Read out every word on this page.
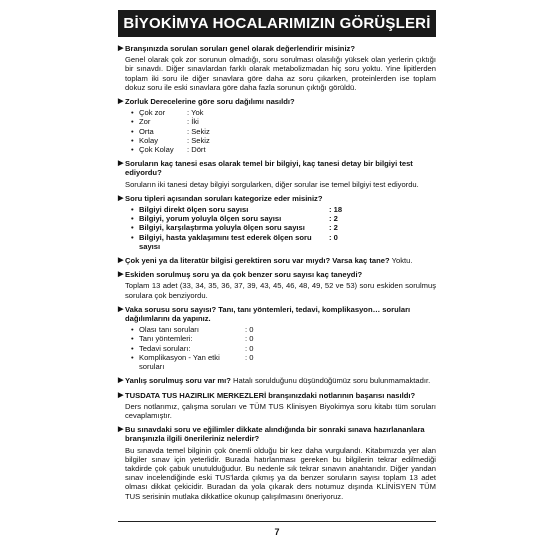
BİYOKİMYA HOCALARIMIZIN GÖRÜŞLERİ

▶ Branşınızda sorulan soruları genel olarak değerlendirir misiniz?

Genel olarak çok zor sorunun olmadığı, soru sorulması olasılığı yüksek olan yerlerin çıktığı bir sınavdı. Diğer sınavlardan farklı olarak metabolizmadan hiç soru yoktu. Yine lipitlerden toplam iki soru ile diğer sınavlara göre daha az soru çıkarken, proteinlerden ise toplam dokuz soru ile eski sınavlara göre daha fazla sorunun çıktığı görüldü.

▶ Zorluk Derecelerine göre soru dağılımı nasıldı?

• Çok zor	: Yok
• Zor	: İki
• Orta	: Sekiz
• Kolay	: Sekiz
• Çok Kolay	: Dört

▶ Soruların kaç tanesi esas olarak temel bir bilgiyi, kaç tanesi detay bir bilgiyi test ediyordu?

Soruların iki tanesi detay bilgiyi sorgularken, diğer sorular ise temel bilgiyi test ediyordu.

▶ Soru tipleri açısından soruları kategorize eder misiniz?

• Bilgiyi direkt ölçen soru sayısı	: 18
• Bilgiyi, yorum yoluyla ölçen soru sayısı	: 2
• Bilgiyi, karşılaştırma yoluyla ölçen soru sayısı	: 2
• Bilgiyi, hasta yaklaşımını test ederek ölçen soru sayısı
: 0

▶ Çok yeni ya da literatür bilgisi gerektiren soru var mıydı? Varsa kaç tane? Yoktu.

▶ Eskiden sorulmuş soru ya da çok benzer soru sayısı kaç taneydi?

Toplam 13 adet (33, 34, 35, 36, 37, 39, 43, 45, 46, 48, 49, 52 ve 53) soru eskiden sorulmuş sorulara çok benziyordu.

▶ Vaka sorusu soru sayısı? Tanı, tanı yöntemleri, tedavi, komplikasyon… soruları dağılımlarını da yapınız.

• Olası tanı soruları	: 0
• Tanı yöntemleri:	: 0
• Tedavi soruları:	: 0
• Komplikasyon - Yan etki soruları
: 0

▶ Yanlış sorulmuş soru var mı? Hatalı sorulduğunu düşündüğümüz soru bulunmamaktadır.

▶ TUSDATA TUS HAZIRLIK MERKEZLERİ branşınızdaki notlarının başarısı nasıldı?

Ders notlarımız, çalışma soruları ve TÜM TUS Klinisyen Biyokimya soru kitabı tüm soruları cevaplamıştır.

▶ Bu sınavdaki soru ve eğilimler dikkate alındığında bir sonraki sınava hazırlananlara branşınızla ilgili önerileriniz nelerdir?

Bu sınavda temel bilginin çok önemli olduğu bir kez daha vurgulandı. Kitabımızda yer alan bilgiler sınav için yeterlidir. Burada hatırlanması gereken bu bilgilerin tekrar edilmediği takdirde çok çabuk unutulduğudur. Bu nedenle sık tekrar sınavın anahtarıdır. Diğer yandan sınav incelendiğinde eski TUS'larda çıkmış ya da benzer soruların sayısı toplam 13 adet olması dikkat çekicidir. Buradan da yola çıkarak ders notumuz dışında KLİNİSYEN TÜM TUS serisinin mutlaka dikkatlice okunup çalışılmasını öneriyoruz.

7
